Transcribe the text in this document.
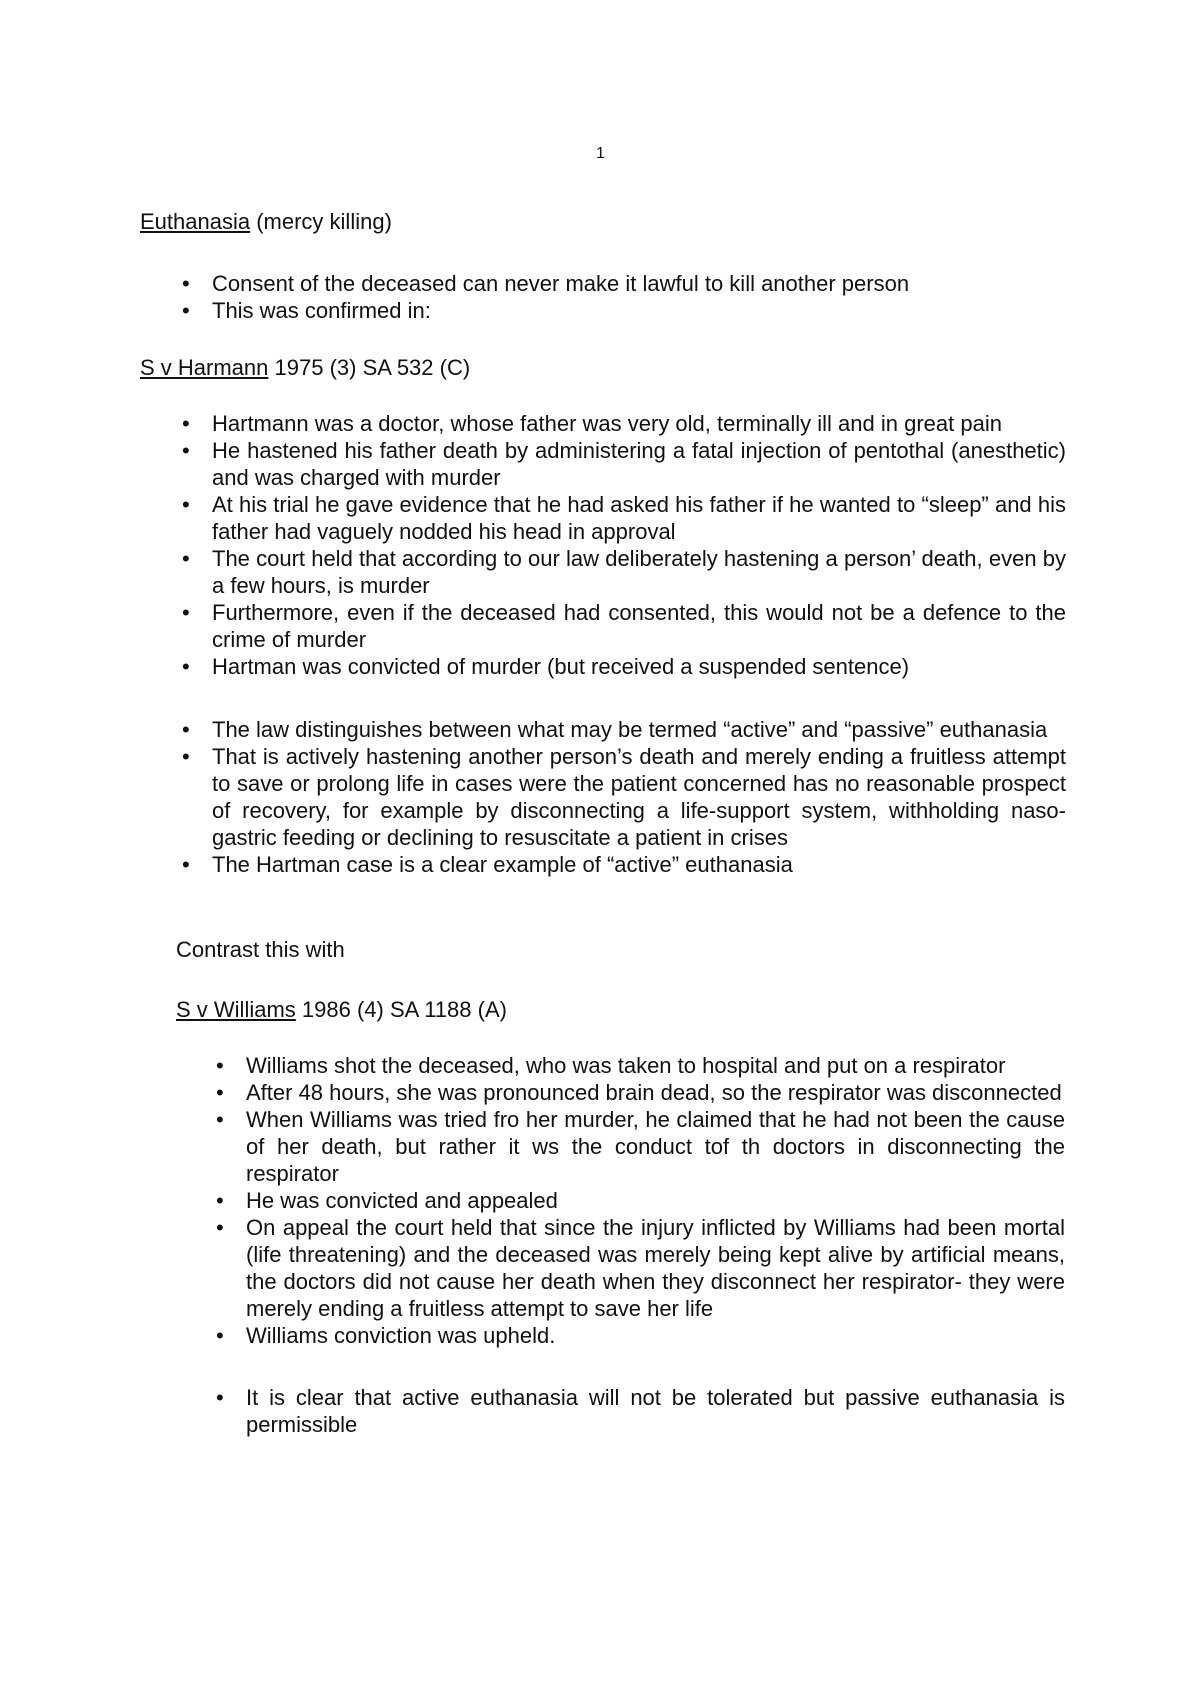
1

Euthanasia (mercy killing)

• Consent of the deceased can never make it lawful to kill another person
• This was confirmed in:

S v Harmann 1975 (3) SA 532 (C)

• Hartmann was a doctor, whose father was very old, terminally ill and in great pain
• He hastened his father death by administering a fatal injection of pentothal (anesthetic) and was charged with murder
• At his trial he gave evidence that he had asked his father if he wanted to “sleep” and his father had vaguely nodded his head in approval
• The court held that according to our law deliberately hastening a person’ death, even by a few hours, is murder
• Furthermore, even if the deceased had consented, this would not be a defence to the crime of murder
• Hartman was convicted of murder (but received a suspended sentence)
• The law distinguishes between what may be termed “active” and “passive” euthanasia
• That is actively hastening another person’s death and merely ending a fruitless attempt to save or prolong life in cases were the patient concerned has no reasonable prospect of recovery, for example by disconnecting a life-support system, withholding naso-gastric feeding or declining to resuscitate a patient in crises
• The Hartman case is a clear example of “active” euthanasia

Contrast this with

S v Williams 1986 (4) SA 1188 (A)

• Williams shot the deceased, who was taken to hospital and put on a respirator
• After 48 hours, she was pronounced brain dead, so the respirator was disconnected
• When Williams was tried fro her murder, he claimed that he had not been the cause of her death, but rather it ws the conduct tof th doctors in disconnecting the respirator
• He was convicted and appealed
• On appeal the court held that since the injury inflicted by Williams had been mortal (life threatening) and the deceased was merely being kept alive by artificial means, the doctors did not cause her death when they disconnect her respirator- they were merely ending a fruitless attempt to save her life
• Williams conviction was upheld.
• It is clear that active euthanasia will not be tolerated but passive euthanasia is permissible
